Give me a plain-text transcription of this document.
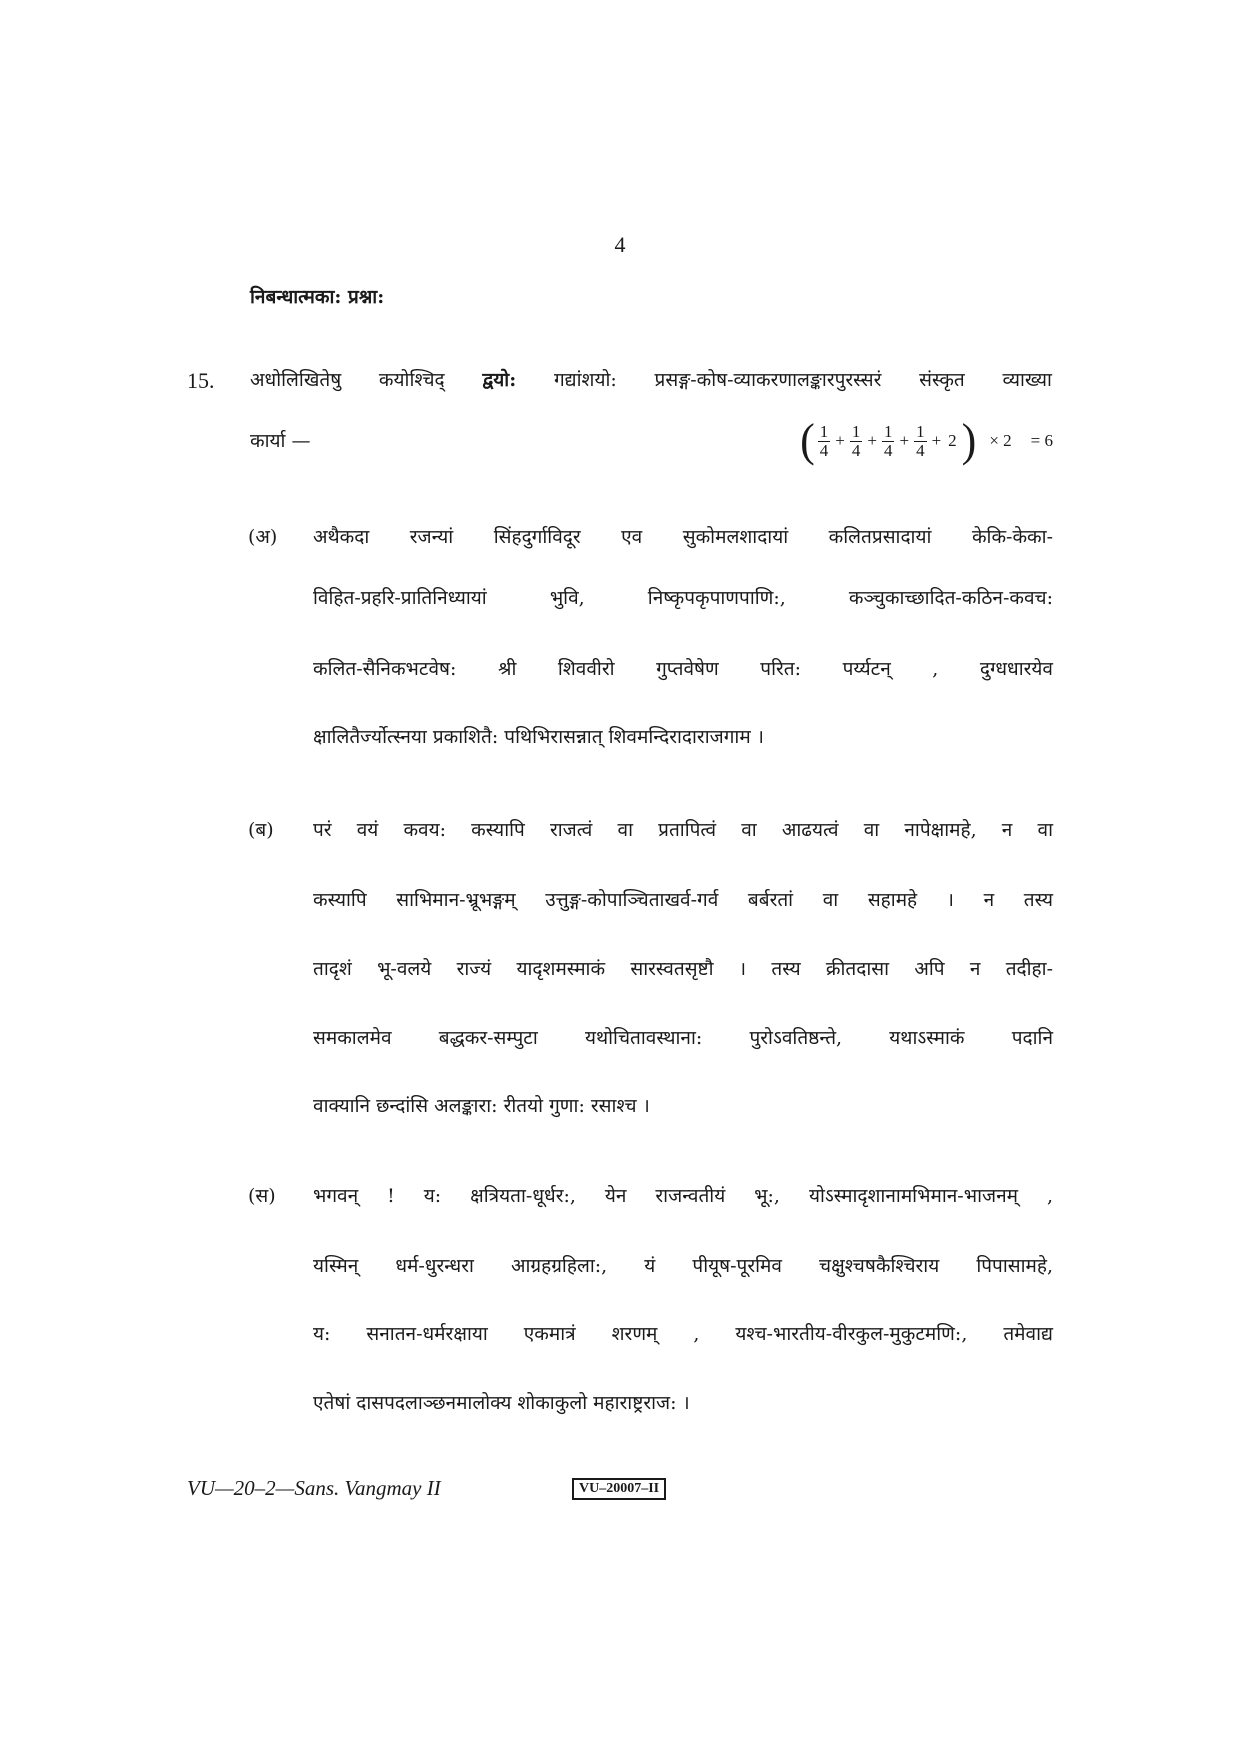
4
निबन्धात्मका: प्रश्ना:
15. अधोलिखितेषु कयोश्चिद् द्वयो: गद्यांशयो: प्रसङ्ग-कोष-व्याकरणालङ्कारपुरस्सरं संस्कृत व्याख्या
कार्या —	( $\frac{1}{4} + \frac{1}{4} + \frac{1}{4} + \frac{1}{4} + 2$ ) × 2	= 6
(अ) अथैकदा रजन्यां सिंहदुर्गाविदूर एव सुकोमलशादायां कलितप्रसादायां केकि-केका-
विहित-प्रहरि-प्रातिनिध्यायां भुवि, निष्कृपकृपाणपाणि:, कञ्चुकाच्छादित-कठिन-कवच:
कलित-सैनिकभटवेष: श्री शिववीरो गुप्तवेषेण परित: पर्य्यटन् , दुग्धधारयेव
क्षालितैर्ज्योत्स्नया प्रकाशितै: पथिभिरासन्नात् शिवमन्दिरादाराजगाम ।
(ब) परं वयं कवय: कस्यापि राजत्वं वा प्रतापित्वं वा आढयत्वं वा नापेक्षामहे, न वा
कस्यापि साभिमान-भ्रूभङ्गम् उत्तुङ्ग-कोपाञ्चिताखर्व-गर्व बर्बरतां वा सहामहे । न तस्य
तादृशं भू-वलये राज्यं यादृशमस्माकं सारस्वतसृष्टौ । तस्य क्रीतदासा अपि न तदीहा-
समकालमेव बद्धकर-सम्पुटा यथोचितावस्थाना: पुरोऽवतिष्ठन्ते, यथाऽस्माकं पदानि
वाक्यानि छन्दांसि अलङ्कारा: रीतयो गुणा: रसाश्च ।
(स) भगवन् ! य: क्षत्रियता-धूर्धर:, येन राजन्वतीयं भू:, योऽस्मादृशानामभिमान-भाजनम् ,
यस्मिन् धर्म-धुरन्धरा आग्रहग्रहिला:, यं पीयूष-पूरमिव चक्षुश्चषकैश्चिराय पिपासामहे,
य: सनातन-धर्मरक्षाया एकमात्रं शरणम् , यश्च-भारतीय-वीरकुल-मुकुटमणि:, तमेवाद्य
एतेषां दासपदलाञ्छनमालोक्य शोकाकुलो महाराष्ट्रराज: ।
VU—20–2—Sans. Vangmay II	VU–20007–II
